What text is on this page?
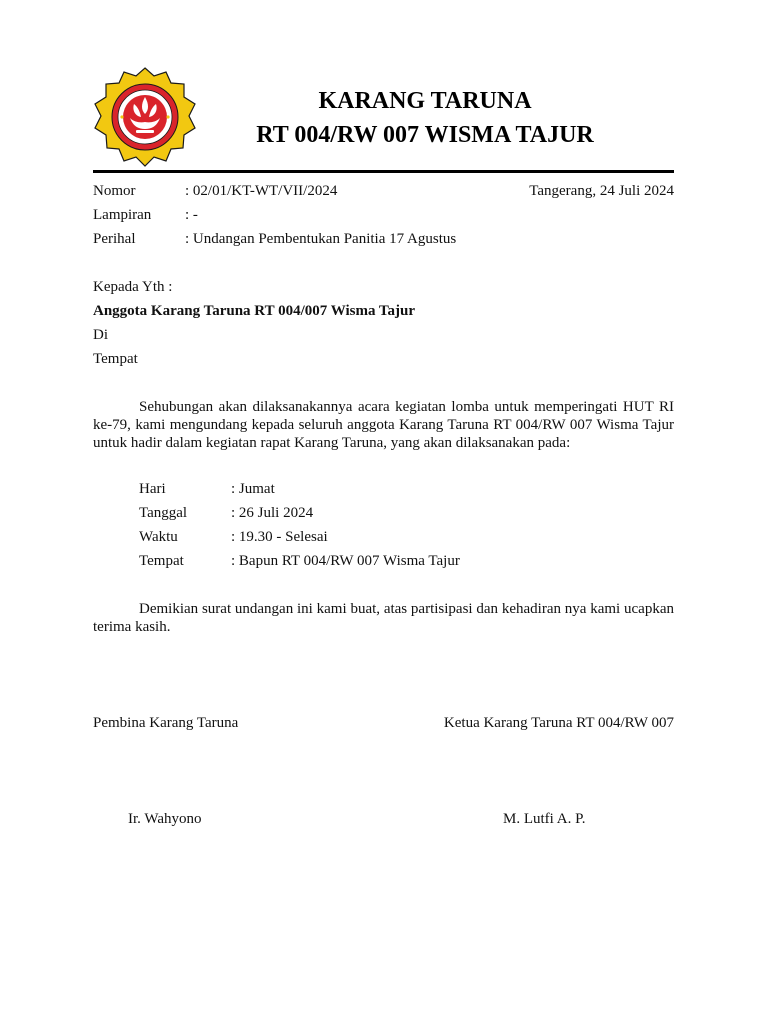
KARANG TARUNA
RT 004/RW 007 WISMA TAJUR
Nomor	: 02/01/KT-WT/VII/2024	Tangerang, 24 Juli 2024
Lampiran : -
Perihal	: Undangan Pembentukan Panitia 17 Agustus
Kepada Yth :
Anggota Karang Taruna RT 004/007 Wisma Tajur
Di
Tempat
Sehubungan akan dilaksanakannya acara kegiatan lomba untuk memperingati HUT RI ke-79, kami mengundang kepada seluruh anggota Karang Taruna RT 004/RW 007 Wisma Tajur untuk hadir dalam kegiatan rapat Karang Taruna, yang akan dilaksanakan pada:
Hari	: Jumat
Tanggal	: 26 Juli 2024
Waktu	: 19.30 - Selesai
Tempat	: Bapun RT 004/RW 007 Wisma Tajur
Demikian surat undangan ini kami buat, atas partisipasi dan kehadiran nya kami ucapkan terima kasih.
Pembina Karang Taruna	Ketua Karang Taruna RT 004/RW 007
Ir. Wahyono	M. Lutfi A. P.
